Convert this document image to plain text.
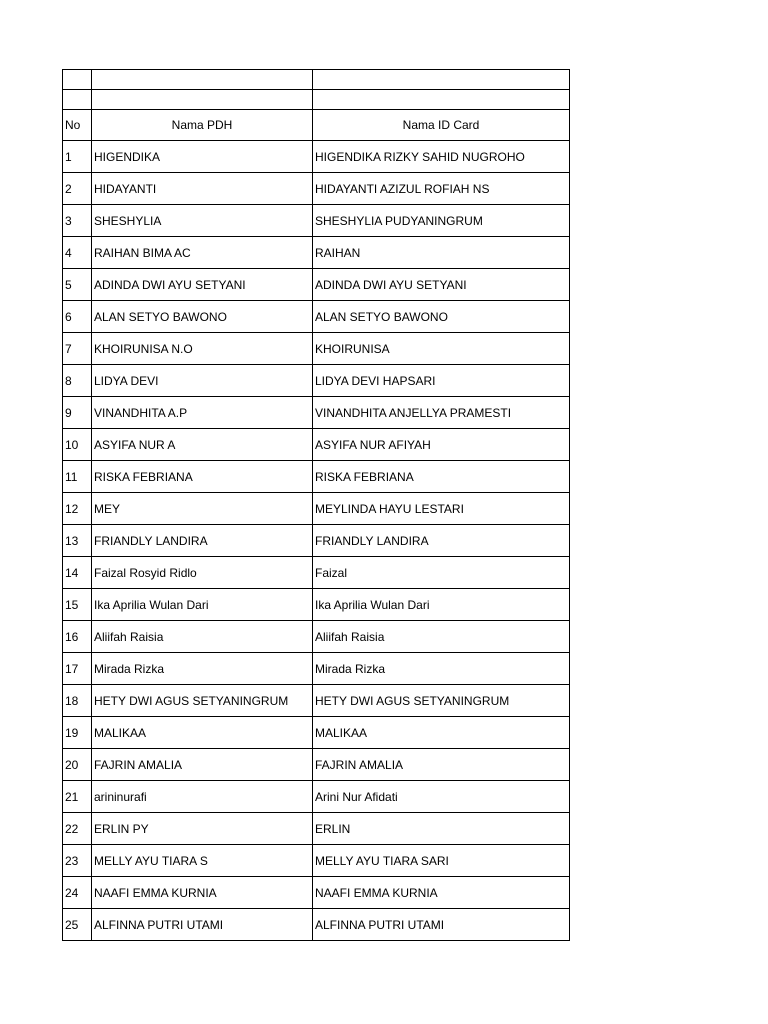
No	Nama PDH	Nama ID Card
1	HIGENDIKA	HIGENDIKA RIZKY SAHID NUGROHO
2	HIDAYANTI	HIDAYANTI AZIZUL ROFIAH NS
3	SHESHYLIA	SHESHYLIA PUDYANINGRUM
4	RAIHAN BIMA AC	RAIHAN
5	ADINDA DWI AYU SETYANI	ADINDA DWI AYU SETYANI
6	ALAN SETYO BAWONO	ALAN SETYO BAWONO
7	KHOIRUNISA N.O	KHOIRUNISA
8	LIDYA DEVI	LIDYA DEVI HAPSARI
9	VINANDHITA A.P	VINANDHITA ANJELLYA PRAMESTI
10	ASYIFA NUR A	ASYIFA NUR AFIYAH
11	RISKA FEBRIANA	RISKA FEBRIANA
12	MEY	MEYLINDA HAYU LESTARI
13	FRIANDLY LANDIRA	FRIANDLY LANDIRA
14	Faizal Rosyid Ridlo	Faizal
15	Ika Aprilia Wulan Dari	Ika Aprilia Wulan Dari
16	Aliifah Raisia	Aliifah Raisia
17	Mirada Rizka	Mirada Rizka
18	HETY DWI AGUS SETYANINGRUM	HETY DWI AGUS SETYANINGRUM
19	MALIKAA	MALIKAA
20	FAJRIN AMALIA	FAJRIN AMALIA
21	arininurafi	Arini Nur Afidati
22	ERLIN PY	ERLIN
23	MELLY AYU TIARA S	MELLY AYU TIARA SARI
24	NAAFI EMMA KURNIA	NAAFI EMMA KURNIA
25	ALFINNA PUTRI UTAMI	ALFINNA PUTRI UTAMI
